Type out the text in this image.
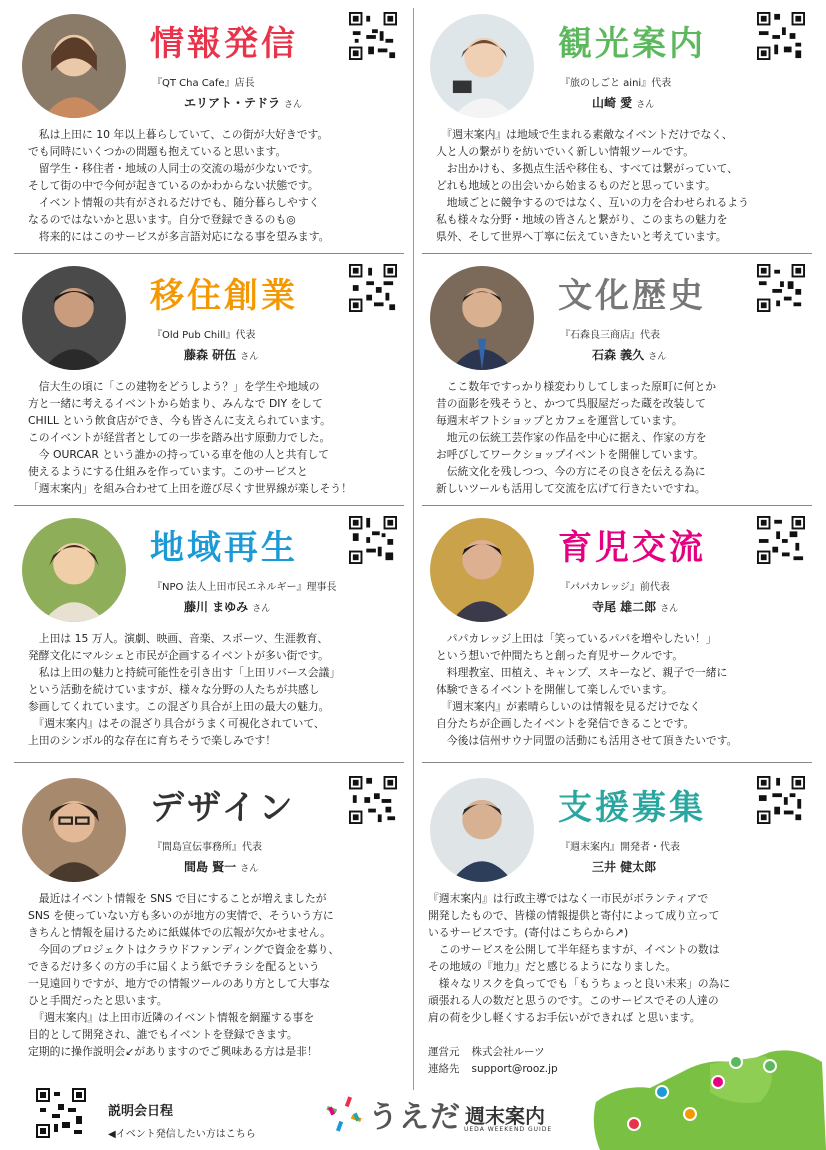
情報発信
『QT Cha Cafe』店長
エリアト・テドラ さん

　私は上田に 10 年以上暮らしていて、この街が大好きです。

でも同時にいくつかの問題も抱えていると思います。

　留学生・移住者・地域の人同士の交流の場が少ないです。

そして街の中で今何が起きているのかわからない状態です。

　イベント情報の共有がされるだけでも、随分暮らしやすく

なるのではないかと思います。自分で登録できるのも◎

　将来的にはこのサービスが多言語対応になる事を望みます。

観光案内
『旅のしごと aini』代表
山崎 愛 さん

　『週末案内』は地域で生まれる素敵なイベントだけでなく、

人と人の繋がりを紡いでいく新しい情報ツールです。

　お出かけも、多拠点生活や移住も、すべては繋がっていて、

どれも地域との出会いから始まるものだと思っています。

　地域ごとに競争するのではなく、互いの力を合わせられるよう

私も様々な分野・地域の皆さんと繋がり、このまちの魅力を

県外、そして世界へ丁寧に伝えていきたいと考えています。

移住創業
『Old Pub Chill』代表
藤森 研伍 さん

　信大生の頃に「この建物をどうしよう？」を学生や地域の

方と一緒に考えるイベントから始まり、みんなで DIY をして

CHILL という飲食店ができ、今も皆さんに支えられています。

このイベントが経営者としての一歩を踏み出す原動力でした。

　今 OURCAR という誰かの持っている車を他の人と共有して

使えるようにする仕組みを作っています。このサービスと

「週末案内」を組み合わせて上田を遊び尽くす世界線が楽しそう！

文化歴史
『石森良三商店』代表
石森 義久 さん

　ここ数年ですっかり様変わりしてしまった原町に何とか

昔の面影を残そうと、かつて呉服屋だった蔵を改装して

毎週末ギフトショップとカフェを運営しています。

　地元の伝統工芸作家の作品を中心に据え、作家の方を

お呼びしてワークショップイベントを開催しています。

　伝統文化を残しつつ、今の方にその良さを伝える為に

新しいツールも活用して交流を広げて行きたいですね。

地域再生
『NPO 法人上田市民エネルギー』理事長
藤川 まゆみ さん

　上田は 15 万人。演劇、映画、音楽、スポーツ、生涯教育、

発酵文化にマルシェと市民が企画するイベントが多い街です。

　私は上田の魅力と持続可能性を引き出す「上田リバース会議」

という活動を続けていますが、様々な分野の人たちが共感し

参画してくれています。この混ざり具合が上田の最大の魅力。

　『週末案内』はその混ざり具合がうまく可視化されていて、

上田のシンボル的な存在に育ちそうで楽しみです！

育児交流
『パパカレッジ』前代表
寺尾 雄二郎 さん

　パパカレッジ上田は「笑っているパパを増やしたい！」

という想いで仲間たちと創った育児サークルです。

　料理教室、田植え、キャンプ、スキーなど、親子で一緒に

体験できるイベントを開催して楽しんでいます。

　『週末案内』が素晴らしいのは情報を見るだけでなく

自分たちが企画したイベントを発信できることです。

　今後は信州サウナ同盟の活動にも活用させて頂きたいです。

デザイン
『間島宣伝事務所』代表
間島 賢一 さん

　最近はイベント情報を SNS で目にすることが増えましたが

SNS を使っていない方も多いのが地方の実情で、そういう方に

きちんと情報を届けるために紙媒体での広報が欠かせません。

　今回のプロジェクトはクラウドファンディングで資金を募り、

できるだけ多くの方の手に届くよう紙でチラシを配るという

一見遠回りですが、地方での情報ツールのあり方として大事な

ひと手間だったと思います。

　『週末案内』は上田市近隣のイベント情報を網羅する事を

目的として開発され、誰でもイベントを登録できます。

定期的に操作説明会↙がありますのでご興味ある方は是非！

支援募集
『週末案内』開発者・代表
三井 健太郎

『週末案内』は行政主導ではなく一市民がボランティアで

開発したもので、皆様の情報提供と寄付によって成り立って

いるサービスです。(寄付はこちらから↗)

　このサービスを公開して半年経ちますが、イベントの数は

その地域の『地力』だと感じるようになりました。

　様々なリスクを負ってでも「もうちょっと良い未来」の為に

頑張れる人の数だと思うのです。このサービスでその人達の

肩の荷を少し軽くするお手伝いができれば と思います。

運営元 株式会社ルーツ
連絡先 support@rooz.jp
説明会日程
◀イベント発信したい方はこちら	うえだ 週末案内
UEDA WEEKEND GUIDE
